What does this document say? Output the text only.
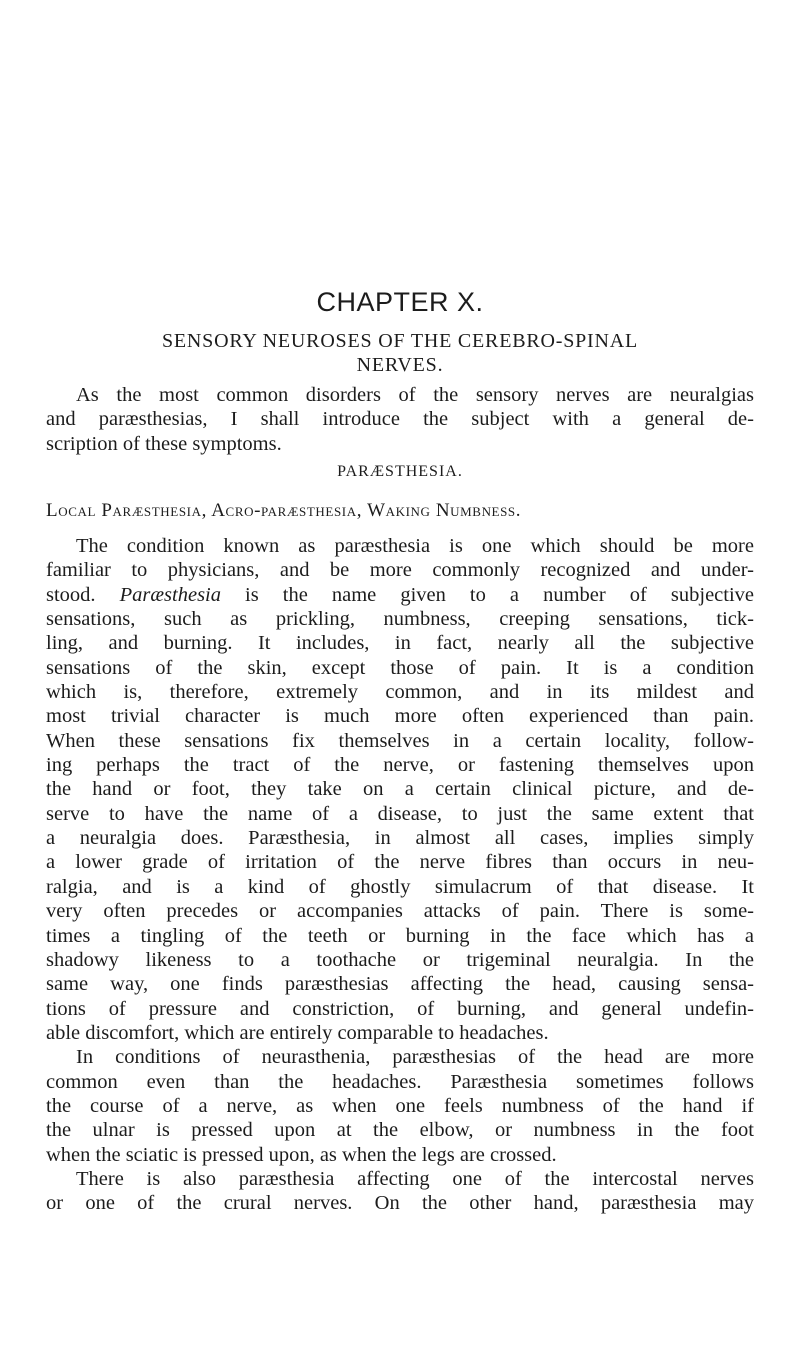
CHAPTER X.
SENSORY NEUROSES OF THE CEREBRO-SPINAL
NERVES.
As the most common disorders of the sensory nerves are neuralgias
and paræsthesias, I shall introduce the subject with a general de-
scription of these symptoms.
PARÆSTHESIA.
Local Paræsthesia, Acro-paræsthesia, Waking Numbness.
The condition known as paræsthesia is one which should be more
familiar to physicians, and be more commonly recognized and under-
stood. Paræsthesia is the name given to a number of subjective
sensations, such as prickling, numbness, creeping sensations, tick-
ling, and burning. It includes, in fact, nearly all the subjective
sensations of the skin, except those of pain. It is a condition
which is, therefore, extremely common, and in its mildest and
most trivial character is much more often experienced than pain.
When these sensations fix themselves in a certain locality, follow-
ing perhaps the tract of the nerve, or fastening themselves upon
the hand or foot, they take on a certain clinical picture, and de-
serve to have the name of a disease, to just the same extent that
a neuralgia does. Paræsthesia, in almost all cases, implies simply
a lower grade of irritation of the nerve fibres than occurs in neu-
ralgia, and is a kind of ghostly simulacrum of that disease. It
very often precedes or accompanies attacks of pain. There is some-
times a tingling of the teeth or burning in the face which has a
shadowy likeness to a toothache or trigeminal neuralgia. In the
same way, one finds paræsthesias affecting the head, causing sensa-
tions of pressure and constriction, of burning, and general undefin-
able discomfort, which are entirely comparable to headaches.
In conditions of neurasthenia, paræsthesias of the head are more
common even than the headaches. Paræsthesia sometimes follows
the course of a nerve, as when one feels numbness of the hand if
the ulnar is pressed upon at the elbow, or numbness in the foot
when the sciatic is pressed upon, as when the legs are crossed.
There is also paræsthesia affecting one of the intercostal nerves
or one of the crural nerves. On the other hand, paræsthesia may
